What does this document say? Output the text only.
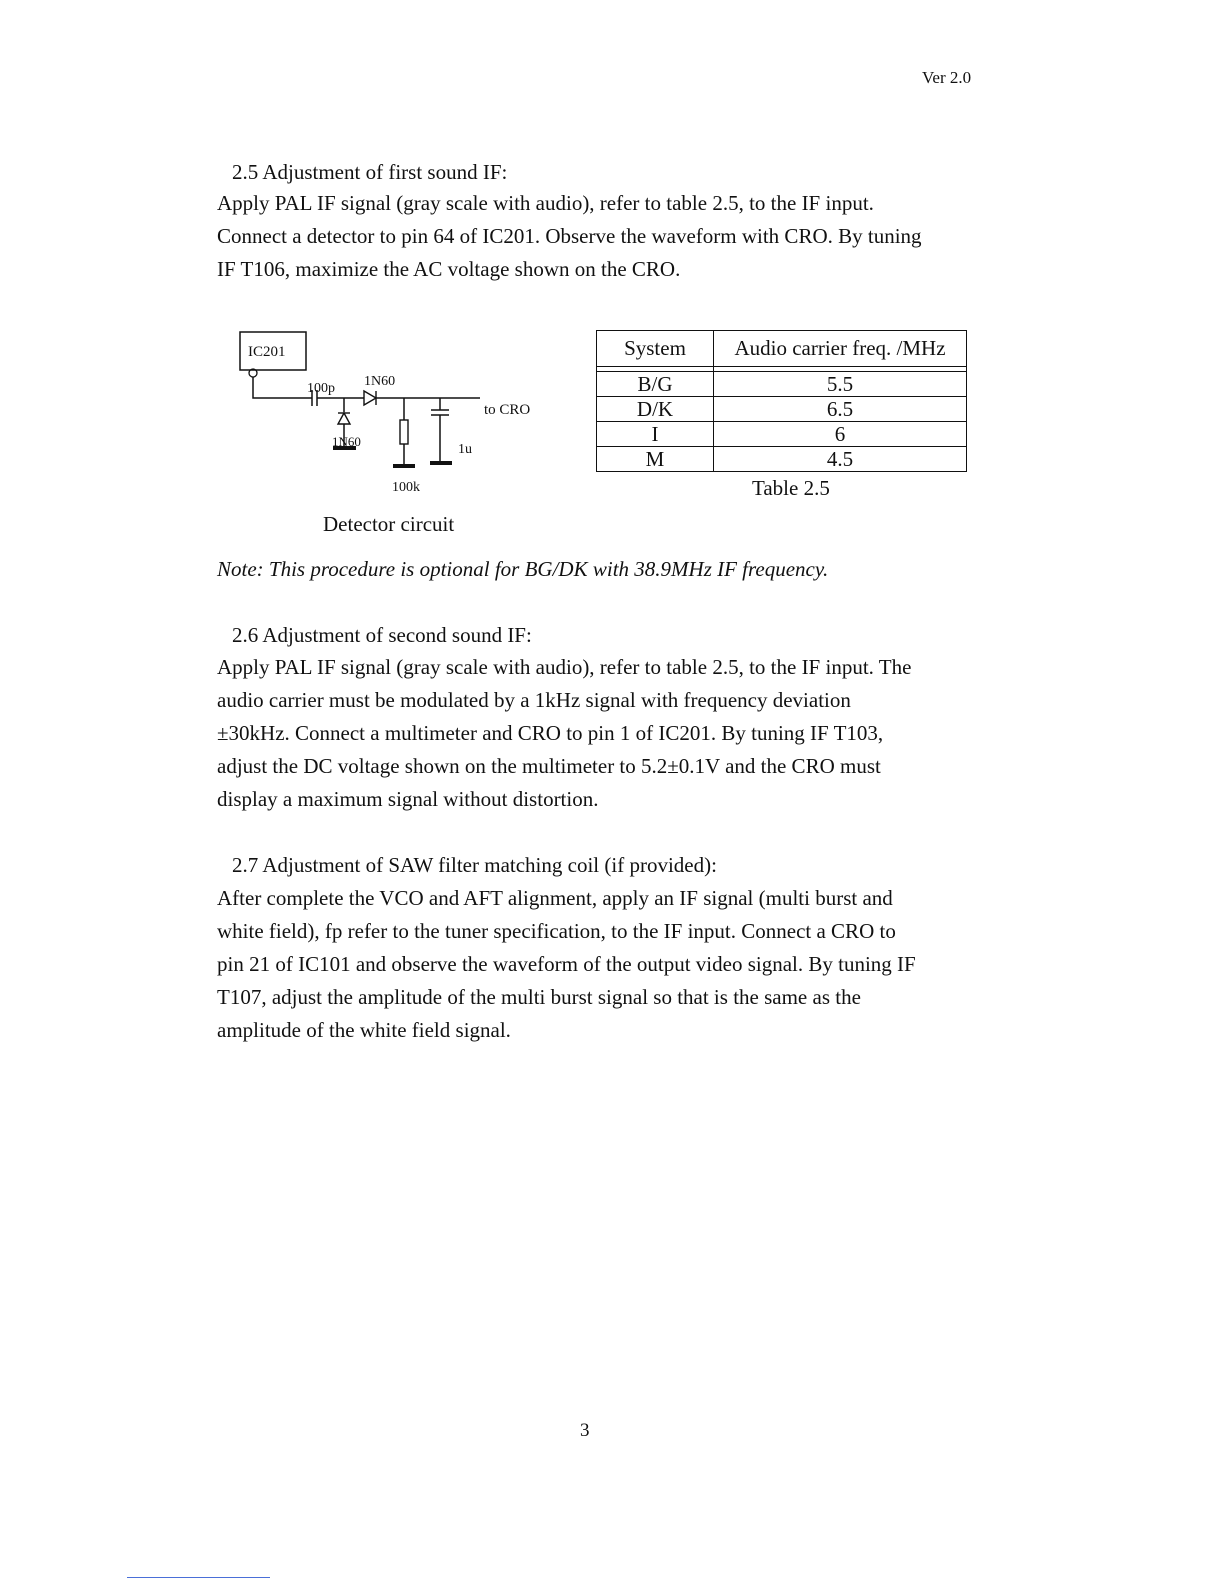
Ver 2.0
2.5 Adjustment of first sound IF:

Apply PAL IF signal (gray scale with audio), refer to table 2.5, to the IF input.

Connect a detector to pin 64 of IC201. Observe the waveform with CRO. By tuning

IF T106, maximize the AC voltage shown on the CRO.

IC201
100p 1N60
to CRO
1N60
1u
100k
Detector circuit
System	Audio carrier freq. /MHz

B/G	5.5
D/K	6.5
I	6
M	4.5
Table 2.5
Note: This procedure is optional for BG/DK with 38.9MHz IF frequency.
2.6 Adjustment of second sound IF:

Apply PAL IF signal (gray scale with audio), refer to table 2.5, to the IF input. The

audio carrier must be modulated by a 1kHz signal with frequency deviation

±30kHz. Connect a multimeter and CRO to pin 1 of IC201. By tuning IF T103,

adjust the DC voltage shown on the multimeter to 5.2±0.1V and the CRO must

display a maximum signal without distortion.

2.7 Adjustment of SAW filter matching coil (if provided):

After complete the VCO and AFT alignment, apply an IF signal (multi burst and

white field), fp refer to the tuner specification, to the IF input. Connect a CRO to

pin 21 of IC101 and observe the waveform of the output video signal. By tuning IF

T107, adjust the amplitude of the multi burst signal so that is the same as the

amplitude of the white field signal.

3
